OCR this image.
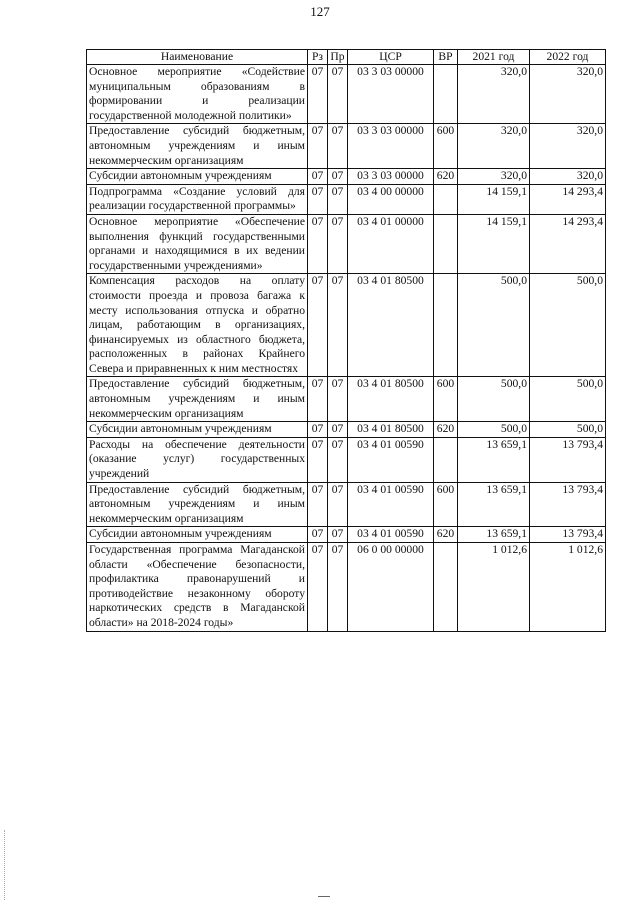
127
Наименование	Рз	Пр	ЦСР	ВР	2021 год	2022 год
Основное мероприятие «Содействие муниципальным образованиям в формировании и реализации государственной молодежной политики»	07	07	03 3 03 00000		320,0	320,0
Предоставление субсидий бюджетным, автономным учреждениям и иным некоммерческим организациям	07	07	03 3 03 00000	600	320,0	320,0
Субсидии автономным учреждениям	07	07	03 3 03 00000	620	320,0	320,0
Подпрограмма «Создание условий для реализации государственной программы»	07	07	03 4 00 00000		14 159,1	14 293,4
Основное мероприятие «Обеспечение выполнения функций государственными органами и находящимися в их ведении государственными учреждениями»	07	07	03 4 01 00000		14 159,1	14 293,4
Компенсация расходов на оплату стоимости проезда и провоза багажа к месту использования отпуска и обратно лицам, работающим в организациях, финансируемых из областного бюджета, расположенных в районах Крайнего Севера и приравненных к ним местностях	07	07	03 4 01 80500		500,0	500,0
Предоставление субсидий бюджетным, автономным учреждениям и иным некоммерческим организациям	07	07	03 4 01 80500	600	500,0	500,0
Субсидии автономным учреждениям	07	07	03 4 01 80500	620	500,0	500,0
Расходы на обеспечение деятельности (оказание услуг) государственных учреждений	07	07	03 4 01 00590		13 659,1	13 793,4
Предоставление субсидий бюджетным, автономным учреждениям и иным некоммерческим организациям	07	07	03 4 01 00590	600	13 659,1	13 793,4
Субсидии автономным учреждениям	07	07	03 4 01 00590	620	13 659,1	13 793,4
Государственная программа Магаданской области «Обеспечение безопасности, профилактика правонарушений и противодействие незаконному обороту наркотических средств в Магаданской области» на 2018-2024 годы»	07	07	06 0 00 00000		1 012,6	1 012,6
